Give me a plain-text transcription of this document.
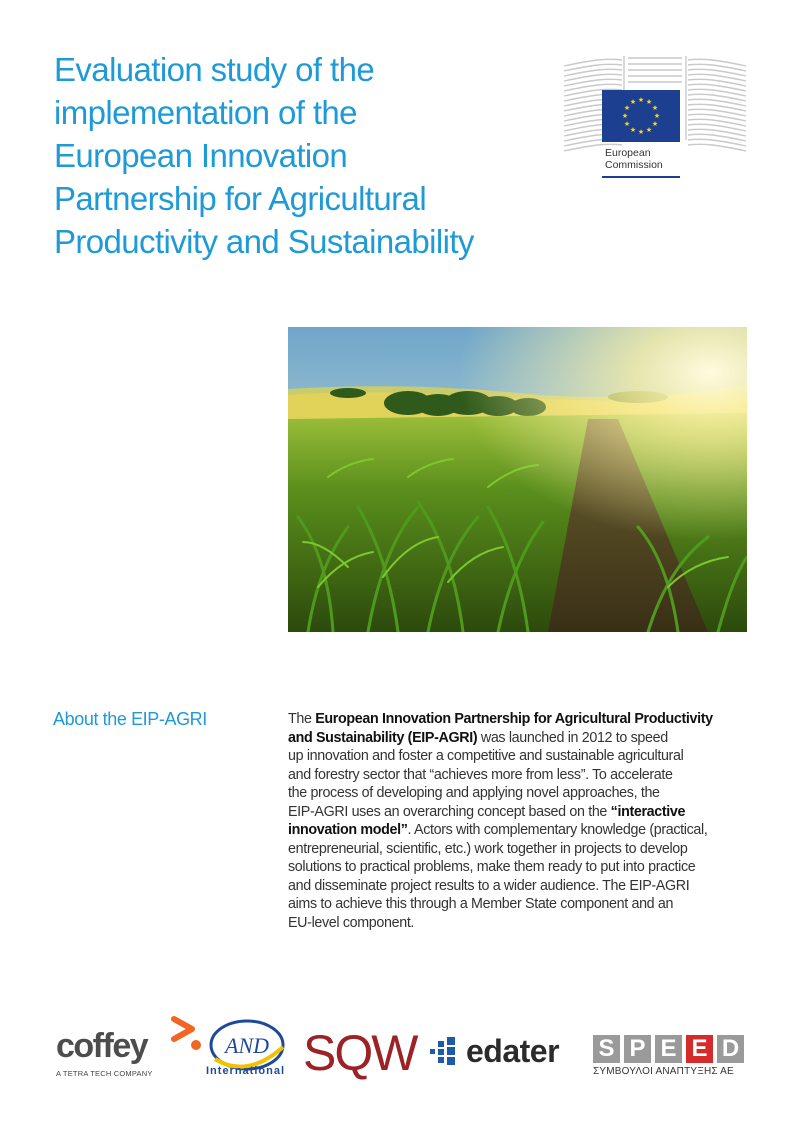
Evaluation study of the
implementation of the
European Innovation
Partnership for Agricultural
Productivity and Sustainability
★ ★
★
★
★
★
★
★
★
★
★
★
European
Commission
About the EIP-AGRI	The European Innovation Partnership for Agricultural Productivity
and Sustainability (EIP-AGRI) was launched in 2012 to speed
up innovation and foster a competitive and sustainable agricultural
and forestry sector that “achieves more from less”. To accelerate
the process of developing and applying novel approaches, the
EIP-AGRI uses an overarching concept based on the “interactive
innovation model”. Actors with complementary knowledge (practical,
entrepreneurial, scientific, etc.) work together in projects to develop
solutions to practical problems, make them ready to put into practice
and disseminate project results to a wider audience. The EIP-AGRI
aims to achieve this through a Member State component and an
EU-level component.

coffey
A TETRA TECH COMPANY
AND
International SQW edater S P E E D
ΣΥΜΒΟΥΛΟΙ ΑΝΑΠΤΥΞΗΣ ΑΕ
